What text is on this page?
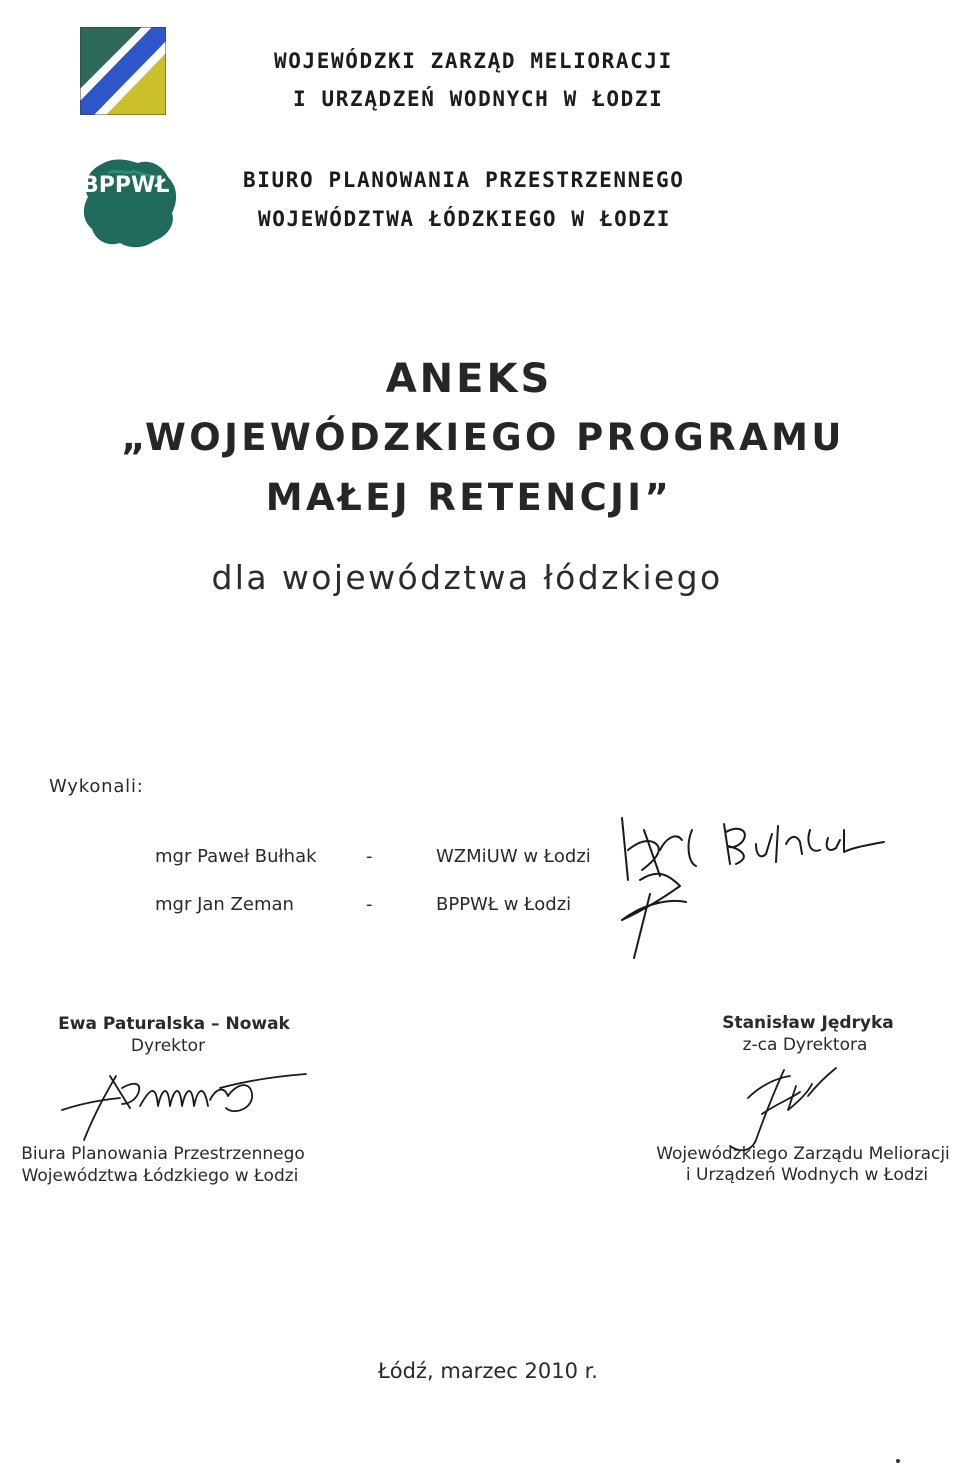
WOJEWÓDZKI ZARZĄD MELIORACJI
I URZĄDZEŃ WODNYCH W ŁODZI
BPPWŁ	BIURO PLANOWANIA PRZESTRZENNEGO
WOJEWÓDZTWA ŁÓDZKIEGO W ŁODZI
ANEKS
„WOJEWÓDZKIEGO PROGRAMU
MAŁEJ RETENCJI”
dla województwa łódzkiego
Wykonali:
mgr Paweł Bułhak	-	WZMiUW w Łodzi
mgr Jan Zeman	-	BPPWŁ w Łodzi
Ewa Paturalska – Nowak
Dyrektor
Biura Planowania Przestrzennego
Województwa Łódzkiego w Łodzi
Stanisław Jędryka
z-ca Dyrektora
Wojewódzkiego Zarządu Melioracji
i Urządzeń Wodnych w Łodzi
Łódź, marzec 2010 r.
